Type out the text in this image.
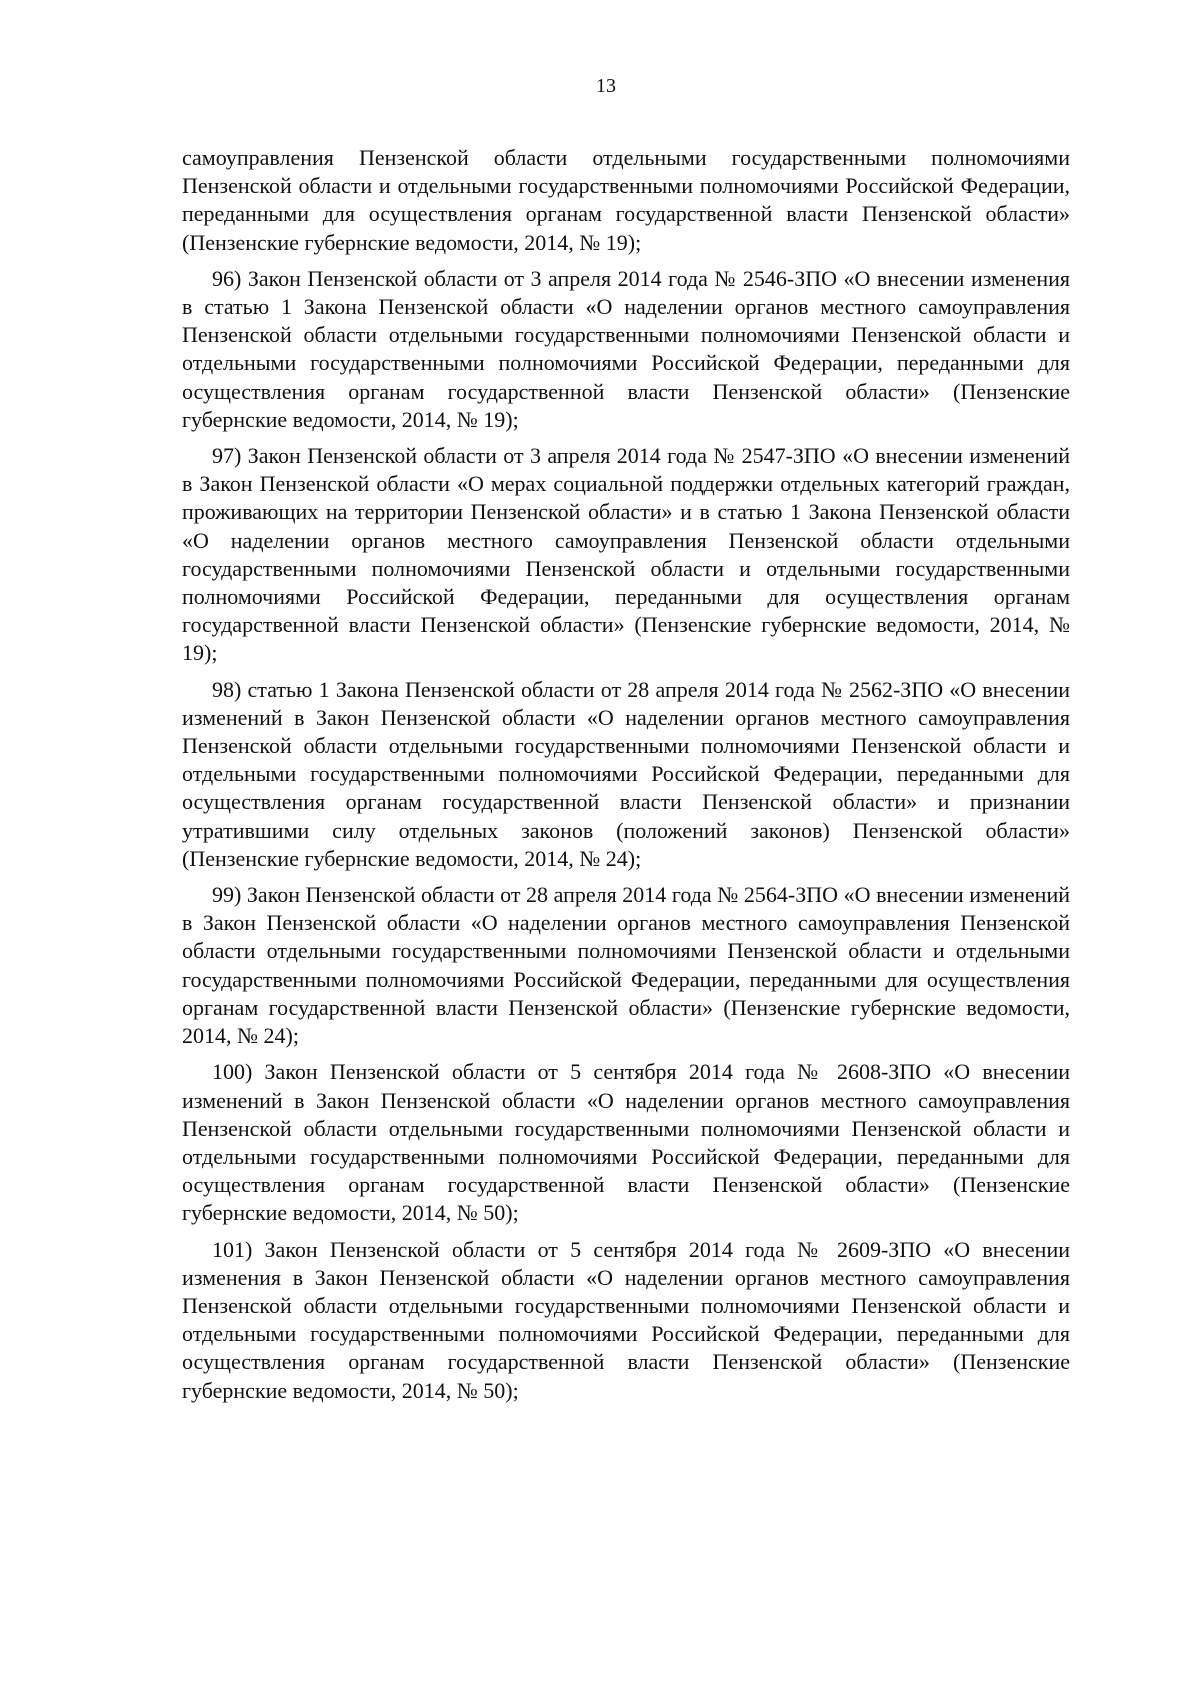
13

самоуправления Пензенской области отдельными государственными полномочиями Пензенской области и отдельными государственными полномочиями Российской Федерации, переданными для осуществления органам государственной власти Пензенской области» (Пензенские губернские ведомости, 2014, № 19);

96) Закон Пензенской области от 3 апреля 2014 года № 2546-ЗПО «О внесении изменения в статью 1 Закона Пензенской области «О наделении органов местного самоуправления Пензенской области отдельными государственными полномочиями Пензенской области и отдельными государственными полномочиями Российской Федерации, переданными для осуществления органам государственной власти Пензенской области» (Пензенские губернские ведомости, 2014, № 19);

97) Закон Пензенской области от 3 апреля 2014 года № 2547-ЗПО «О внесении изменений в Закон Пензенской области «О мерах социальной поддержки отдельных категорий граждан, проживающих на территории Пензенской области» и в статью 1 Закона Пензенской области «О наделении органов местного самоуправления Пензенской области отдельными государственными полномочиями Пензенской области и отдельными государственными полномочиями Российской Федерации, переданными для осуществления органам государственной власти Пензенской области» (Пензенские губернские ведомости, 2014, № 19);

98) статью 1 Закона Пензенской области от 28 апреля 2014 года № 2562-ЗПО «О внесении изменений в Закон Пензенской области «О наделении органов местного самоуправления Пензенской области отдельными государственными полномочиями Пензенской области и отдельными государственными полномочиями Российской Федерации, переданными для осуществления органам государственной власти Пензенской области» и признании утратившими силу отдельных законов (положений законов) Пензенской области» (Пензенские губернские ведомости, 2014, № 24);

99) Закон Пензенской области от 28 апреля 2014 года № 2564-ЗПО «О внесении изменений в Закон Пензенской области «О наделении органов местного самоуправления Пензенской области отдельными государственными полномочиями Пензенской области и отдельными государственными полномочиями Российской Федерации, переданными для осуществления органам государственной власти Пензенской области» (Пензенские губернские ведомости, 2014, № 24);

100) Закон Пензенской области от 5 сентября 2014 года № 2608-ЗПО «О внесении изменений в Закон Пензенской области «О наделении органов местного самоуправления Пензенской области отдельными государственными полномочиями Пензенской области и отдельными государственными полномочиями Российской Федерации, переданными для осуществления органам государственной власти Пензенской области» (Пензенские губернские ведомости, 2014, № 50);

101) Закон Пензенской области от 5 сентября 2014 года № 2609-ЗПО «О внесении изменения в Закон Пензенской области «О наделении органов местного самоуправления Пензенской области отдельными государственными полномочиями Пензенской области и отдельными государственными полномочиями Российской Федерации, переданными для осуществления органам государственной власти Пензенской области» (Пензенские губернские ведомости, 2014, № 50);
